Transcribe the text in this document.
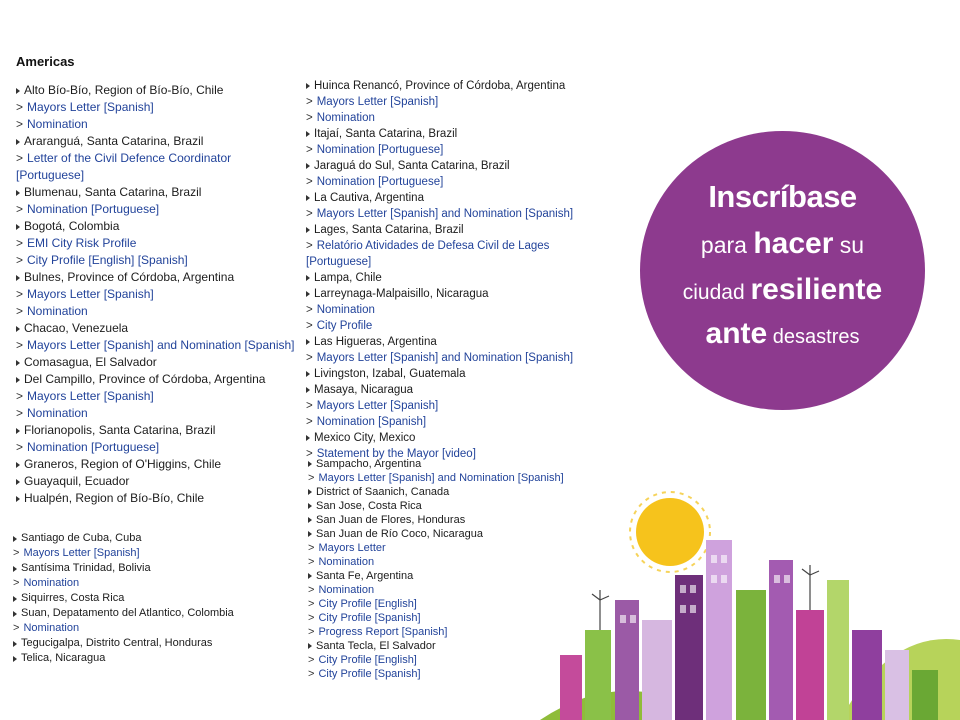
Americas
Alto Bío-Bío, Region of Bío-Bío, Chile
> Mayors Letter [Spanish]
> Nomination
Araranguá, Santa Catarina, Brazil
> Letter of the Civil Defence Coordinator [Portuguese]
Blumenau, Santa Catarina, Brazil
> Nomination [Portuguese]
Bogotá, Colombia
> EMI City Risk Profile
> City Profile [English] [Spanish]
Bulnes, Province of Córdoba, Argentina
> Mayors Letter [Spanish]
> Nomination
Chacao, Venezuela
> Mayors Letter [Spanish] and Nomination [Spanish]
Comasagua, El Salvador
Del Campillo, Province of Córdoba, Argentina
> Mayors Letter [Spanish]
> Nomination
Florianopolis, Santa Catarina, Brazil
> Nomination [Portuguese]
Graneros, Region of O'Higgins, Chile
Guayaquil, Ecuador
Hualpén, Region of Bío-Bío, Chile
Huinca Renancó, Province of Córdoba, Argentina
> Mayors Letter [Spanish]
> Nomination
Itajaí, Santa Catarina, Brazil
> Nomination [Portuguese]
Jaraguá do Sul, Santa Catarina, Brazil
> Nomination [Portuguese]
La Cautiva, Argentina
> Mayors Letter [Spanish] and Nomination [Spanish]
Lages, Santa Catarina, Brazil
> Relatório Atividades de Defesa Civil de Lages [Portuguese]
Lampa, Chile
Larreynaga-Malpaisillo, Nicaragua
> Nomination
> City Profile
Las Higueras, Argentina
> Mayors Letter [Spanish] and Nomination [Spanish]
Livingston, Izabal, Guatemala
Masaya, Nicaragua
> Mayors Letter [Spanish]
> Nomination [Spanish]
Mexico City, Mexico
> Statement by the Mayor [video]
Santiago de Cuba, Cuba
> Mayors Letter [Spanish]
Santísima Trinidad, Bolivia
> Nomination
Siquirres, Costa Rica
Suan, Depatamento del Atlantico, Colombia
> Nomination
Tegucigalpa, Distrito Central, Honduras
Telica, Nicaragua
Sampacho, Argentina
> Mayors Letter [Spanish] and Nomination [Spanish]
District of Saanich, Canada
San Jose, Costa Rica
San Juan de Flores, Honduras
San Juan de Río Coco, Nicaragua
> Mayors Letter
> Nomination
Santa Fe, Argentina
> Nomination
> City Profile [English]
> City Profile [Spanish]
> Progress Report [Spanish]
Santa Tecla, El Salvador
> City Profile [English]
> City Profile [Spanish]
Inscríbase
para hacer su
ciudad resiliente
ante desastres
